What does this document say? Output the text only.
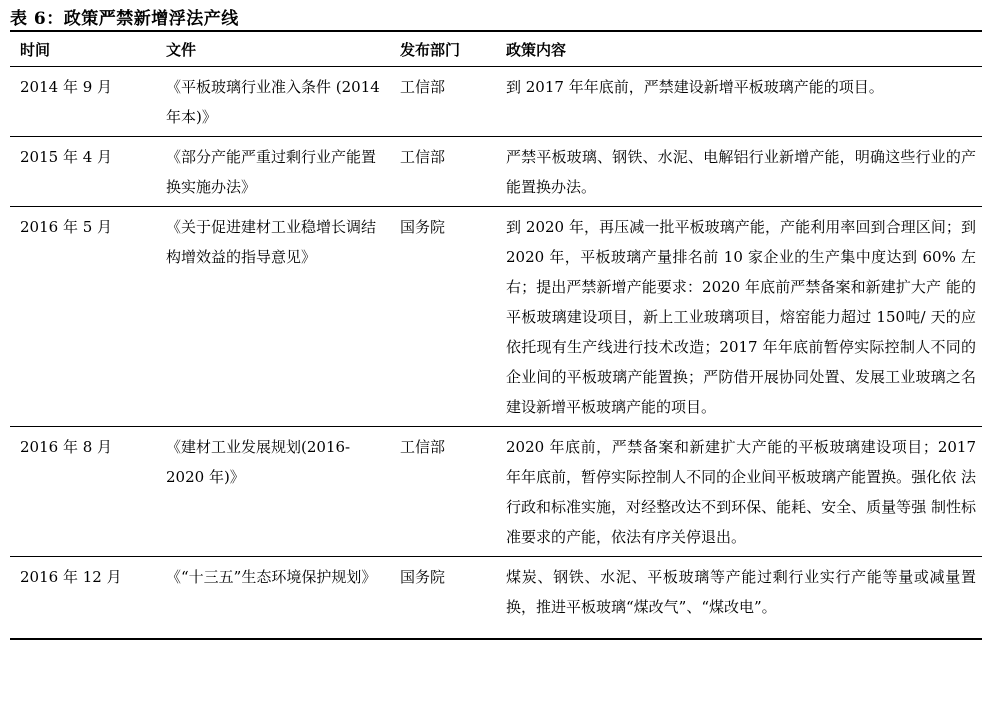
表 6：政策严禁新增浮法产线
时间	文件	发布部门	政策内容
2014 年 9 月	《平板玻璃行业准入条件 (2014 年本)》	工信部	到 2017 年年底前，严禁建设新增平板玻璃产能的项目。
2015 年 4 月	《部分产能严重过剩行业产能置换实施办法》	工信部	严禁平板玻璃、钢铁、水泥、电解铝行业新增产能，明确这些行业的产能置换办法。
2016 年 5 月	《关于促进建材工业稳增长调结构增效益的指导意见》	国务院	到 2020 年，再压减一批平板玻璃产能，产能利用率回到合理区间；到 2020 年，平板玻璃产量排名前 10 家企业的生产集中度达到 60% 左右；提出严禁新增产能要求：2020 年底前严禁备案和新建扩大产 能的平板玻璃建设项目，新上工业玻璃项目，熔窑能力超过 150吨/ 天的应依托现有生产线进行技术改造；2017 年年底前暂停实际控制人不同的企业间的平板玻璃产能置换；严防借开展协同处置、发展工业玻璃之名建设新增平板玻璃产能的项目。
2016 年 8 月	《建材工业发展规划(2016-2020 年)》	工信部	2020 年底前，严禁备案和新建扩大产能的平板玻璃建设项目；2017 年年底前，暂停实际控制人不同的企业间平板玻璃产能置换。强化依 法行政和标准实施，对经整改达不到环保、能耗、安全、质量等强 制性标准要求的产能，依法有序关停退出。
2016 年 12 月	《“十三五”生态环境保护规划》	国务院	煤炭、钢铁、水泥、平板玻璃等产能过剩行业实行产能等量或减量置换，推进平板玻璃“煤改气”、“煤改电”。
